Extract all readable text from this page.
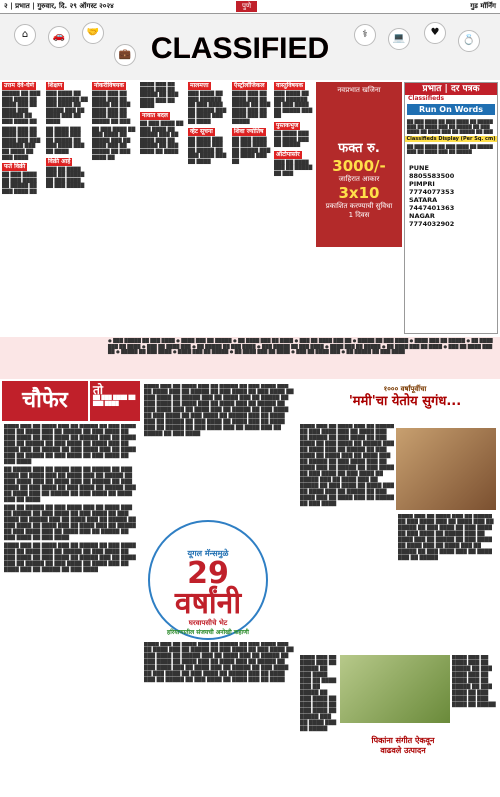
२ | प्रभात | गुरुवार, दि. २९ ऑगस्ट २०२४	पुणे	गुड मॉर्निंग
⌂	🚗	🤝
💼
⚕	💻
♥
💍
CLASSIFIED
उत्तम देवे-घेणे

█████ ██ ███ ███ ████ ██ ████ ███ ██ ████ ███ ██████ ██ ███ ████ ██

████ ███ ██ ████ ███ ██ ████ ███ ███ ██████ ███ ██ ████ ██ ███ ████

फर्ते विक्री

██ ███ ████ ██ ███ ████ ██ █████ ██ ███ ████ ██

शिक्षण

███ ████ ██ ███ ██████ ██ ███ ████ ██ █████ ███ ██ ████ ███ ██ ████

██ ████ ███ ██ ████ ███ ██ █████ ██ ███ ████ ███ ██ ████

विक्री आहे

███ ██ ████ ███ ██ █████ ██ ███ ████ ██ ███ █████

नोकरीविषयक

████ ███ ██ ████ ███ ██ █████ ██ ███ ████ ███ ██ ████ ███ ██ █████ ██ ███

██ ███ ████ ██ ███ ████ ██ █████ ███ ██ ████ ███ ██ █████ ██ ███ ████ ██

████ ███ ██ ████ ███ ██ █████ ██ ███ ████ ███ ██ ████

नावात बदल

██ ███ ████ ██ ███ ████ ██ █████ ███ ██ ████ ███ ██ █████ ██ ███ ████ ██ ████

मालमत्ता

███ ████ ██ ███ ██████ ██ ███ ████ ██ █████ ███ ██ ████ ███ ██ ████

व्हेट सूचना

██ ████ ███ ██ ████ ███ ██ █████ ██ ███ ████ ███ ██ ████

ऍस्ट्रॉलॉजिकल

████ ███ ██ ████ ███ ██ █████ ██ ███ ████ ███ ██ ████ ███ ██ █████

शिवा ज्योतिष

██ ███ ████ ██ ███ ████ ██ █████ ███ ██ ████ ███ ██

वास्तुविषयक

███ ████ ██ ███ ██████ ██ ███ ████ ██ █████ ███ ██

पुस्तकभुज

██ ████ ███ ██ ████ ███ ██ █████

ऑटोपार्सार

███ ██ ████ ███ ██ █████ ██ ███

नवप्रभात खजिना
फक्त रु.
3000/-
जाहिरात आकार
3x10
प्रकाशित करण्याची सुविधा
1 दिवस
प्रभात | दर पत्रक
Classifieds
Run On Words
██ ███ ████ ██ ███ ████ ██ █████ ███ ██ ████ ███ ██ █████ ██ ███ ████ ██ ████ ███ ██ █████ ██ ███
Classifieds Display (Per Sq. cm)
██ ███ ████ ██ ███ ████ ██ █████ ███ ██ ████ ███ ██ █████
PUNE
8805583500
PIMPRI
7774077353
SATARA
7447401363
NAGAR
7774032902
● ███ █████ ██ ███ ████ ● ████ ███ ██ █████ ● ██ ████ ███ ██ ████ ● ███ ██ ████ ███ ██ ● █████ ██ ███ ████ ● ████ ███ ██ █████ ● ██ ████ ███ ██ ████ ● ███ ██ ████ ███ ● ██ █████ ██ ███ ████ ● ███ █████ ██ ███ ████ ● ████ ███ ██ █████ ● ██ ████ ███ ██ ████ ● ███ ██ ████ ███ ██ ● █████ ██ ███ ████ ● ████ ███ ██ █████ ● ██ ████ ███ ██ ████ ● ███ ██ ████ ███ ● ██ █████ ██ ███ ████
चौफेर	तो
██ ███ ████ ██ ███ ████

████ ███ ██ ████ ███ ██ █████ ██ ███ ████ ███ ██ ████ ███ ██ █████ ██ ███ ████ ██ ███ ████ ██ ███ ████ ██ █████ ███ ██ ████ ███ ██ █████ ██ ███ ████ ██ ████ ███ ██ ████ ███ ██ █████ ██ ███ ████ ███ ██ ████ ███ ██ █████ ██ ███ ████ ██ ███ ████ ██ ███ ████

██ █████ ███ ██ ████ ███ ██ █████ ██ ███ ████ ██ ████ ███ ██ ████ ███ ██ █████ ██ ███ ████ ███ ██ ████ ███ ██ █████ ██ ███ ████ ██ ███ ████ ██ ███ ████ ██ █████ ███ ██ ████ ███ ██ █████ ██ ███ ████ ██ ████ ███ ██ ████

███ ██ █████ ██ ███ ████ ███ ██ ████ ███ ██ █████ ██ ███ ████ ██ ███ ████ ██ ███ ████ ██ █████ ███ ██ ████ ███ ██ █████ ██ ███ ████ ██ ████ ███ ██ ████ ███ ██ █████ ██ ███ ████ ███ ██ ████ ███ ██ █████ ██ ███ ████ ██ ███ ████

████ ███ ██ ████ ███ ██ █████ ██ ███ ████ ███ ██ ████ ███ ██ █████ ██ ███ ████ ██ ███ ████ ██ ███ ████ ██ █████ ███ ██ ████ ███ ██ █████ ██ ███ ████ ██ ████ ███ ██ ████ ███ ██ █████ ██ ███ ████

████ ███ ██ ████ ███ ██ █████ ██ ███ ████ ███ ██ ████ ███ ██ █████ ██ ███ ████ ██ ███ ████ ██ ███ ████ ██ █████ ███ ██ ████ ███ ██ █████ ██ ███ ████ ██ ████ ███ ██ ████ ███ ██ █████ ██ ███ ████ ███ ██ ████ ███ ██ █████ ██ ███ ████ ██ ███ ████ ██ ███ ████ ██ █████ ███ ██ ████ ███ ██ █████ ██ ███ ████ ██ ████ ███ ██ ████ ███ ██ █████ ██ ███ ████ ███ ██ ████ ███ ██ █████ ██ ███ ████

यूगल मॅन्समुळे
29 वर्षांनी
घरवापसीचे भेट
हरियाणातील संजयची अनोखी कहाणी

████ ███ ██ ████ ███ ██ █████ ██ ███ ████ ███ ██ ████ ███ ██ █████ ██ ███ ████ ██ ███ ████ ██ ███ ████ ██ █████ ███ ██ ████ ███ ██ █████ ██ ███ ████ ██ ████ ███ ██ ████ ███ ██ █████ ██ ███ ████ ███ ██ ████ ███ ██ █████ ██ ███ ████ ██ ███ ████ ██ ███ ████ ██ █████ ███ ██ ████ ███ ██ █████ ██ ███ ████ ██ ████ ███ ██ ████

१००० वर्षांपूर्वीचा
'ममी'चा येतोय सुगंध...

████ ███ ██ ████ ███ ██ █████ ██ ███ ████ ███ ██ ████ ███ ██ █████ ██ ███ ████ ██ ███ ████ ██ ███ ████ ██ █████ ███ ██ ████ ███ ██ █████ ██ ███ ████ ██ ████ ███ ██ ████ ███ ██ █████ ██ ███ ████ ███ ██ ████ ███ ██ █████ ██ ███ ████ ██ ███ ████ ██ ███ ████ ██ █████ ███ ██ ████ ███ ██ █████ ██ ███ ████ ██ ████ ███ ██ ████ ███ ██ █████ ██ ███ ████ ███ ██ ████ ███ ██ █████ ██ ███ ████

████ ███ ██ ████ ███ ██ █████ ██ ███ ████ ███ ██ ████ ███ ██ █████ ██ ███ ████ ██ ███ ████ ██ ███ ████ ██ █████ ███ ██ ████ ███ ██ █████ ██ ███ ████ ██ ████ ███ ██ ████ ███ ██ █████ ██ ███ ████ ███ ██ ████ ███ ██ █████

████ ███ ██ ████ ███ ██ █████ ██ ███ ████ ███ ██ ████ ███ ██ █████ ██ ███ ████ ██ ███ ████ ██ ███ ████ ██ █████ ███ ██ ████ ███ ██ █████

पिकांना संगीत ऐकवून वाढवले उत्पादन

████ ███ ██ ████ ███ ██ █████ ██ ███ ████ ███ ██ ████ ███ ██ █████ ██ ███ ████ ██ ███ ████ ██ ███ ████ ██ █████
